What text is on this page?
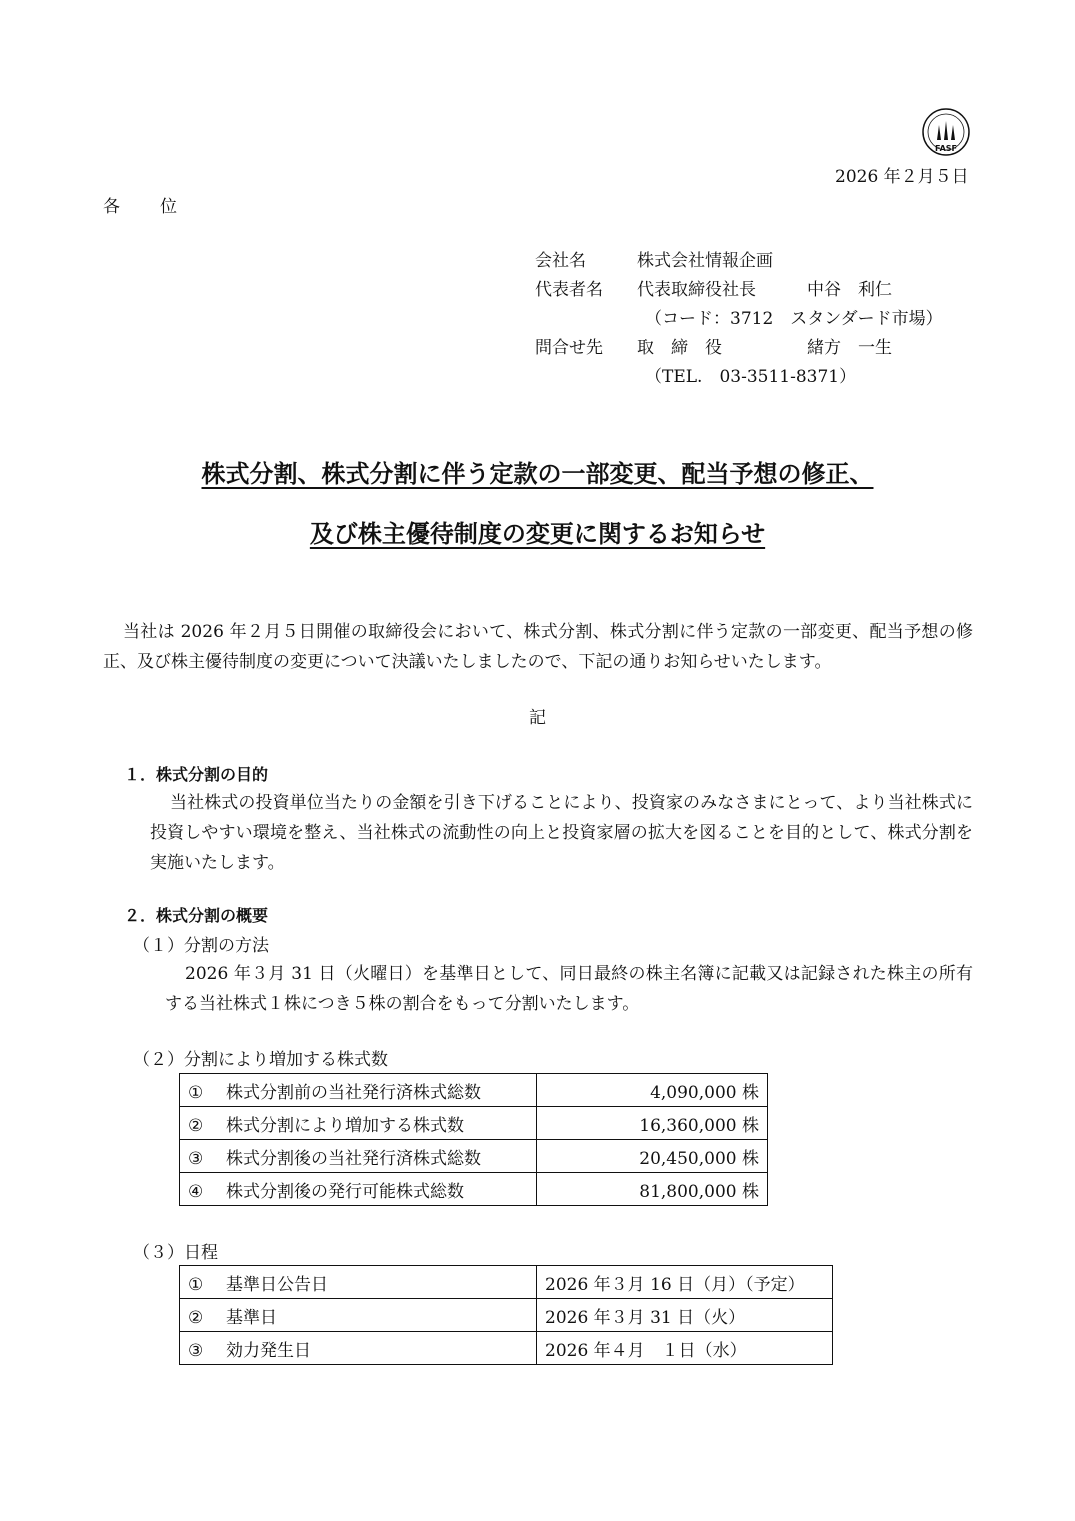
FASF
2026 年２月５日
各　　位
会社名	株式会社情報企画
代表者名 代表取締役社長	中谷　利仁
（コード：3712　スタンダード市場）
問合せ先 取　締　役	緒方　一生
（TEL.　03-3511-8371）
株式分割、株式分割に伴う定款の一部変更、配当予想の修正、
及び株主優待制度の変更に関するお知らせ
当社は 2026 年２月５日開催の取締役会において、株式分割、株式分割に伴う定款の一部変更、配当予想の修正、及び株主優待制度の変更について決議いたしましたので、下記の通りお知らせいたします。
記
１．株式分割の目的
当社株式の投資単位当たりの金額を引き下げることにより、投資家のみなさまにとって、より当社株式に投資しやすい環境を整え、当社株式の流動性の向上と投資家層の拡大を図ることを目的として、株式分割を実施いたします。
２．株式分割の概要
（１）分割の方法
2026 年３月 31 日（火曜日）を基準日として、同日最終の株主名簿に記載又は記録された株主の所有する当社株式１株につき５株の割合をもって分割いたします。
（２）分割により増加する株式数
① 株式分割前の当社発行済株式総数	4,090,000 株
② 株式分割により増加する株式数	16,360,000 株
③ 株式分割後の当社発行済株式総数	20,450,000 株
④ 株式分割後の発行可能株式総数	81,800,000 株
（３）日程
① 基準日公告日	2026 年３月 16 日（月）（予定）
② 基準日	2026 年３月 31 日（火）
③ 効力発生日	2026 年４月　１日（水）
